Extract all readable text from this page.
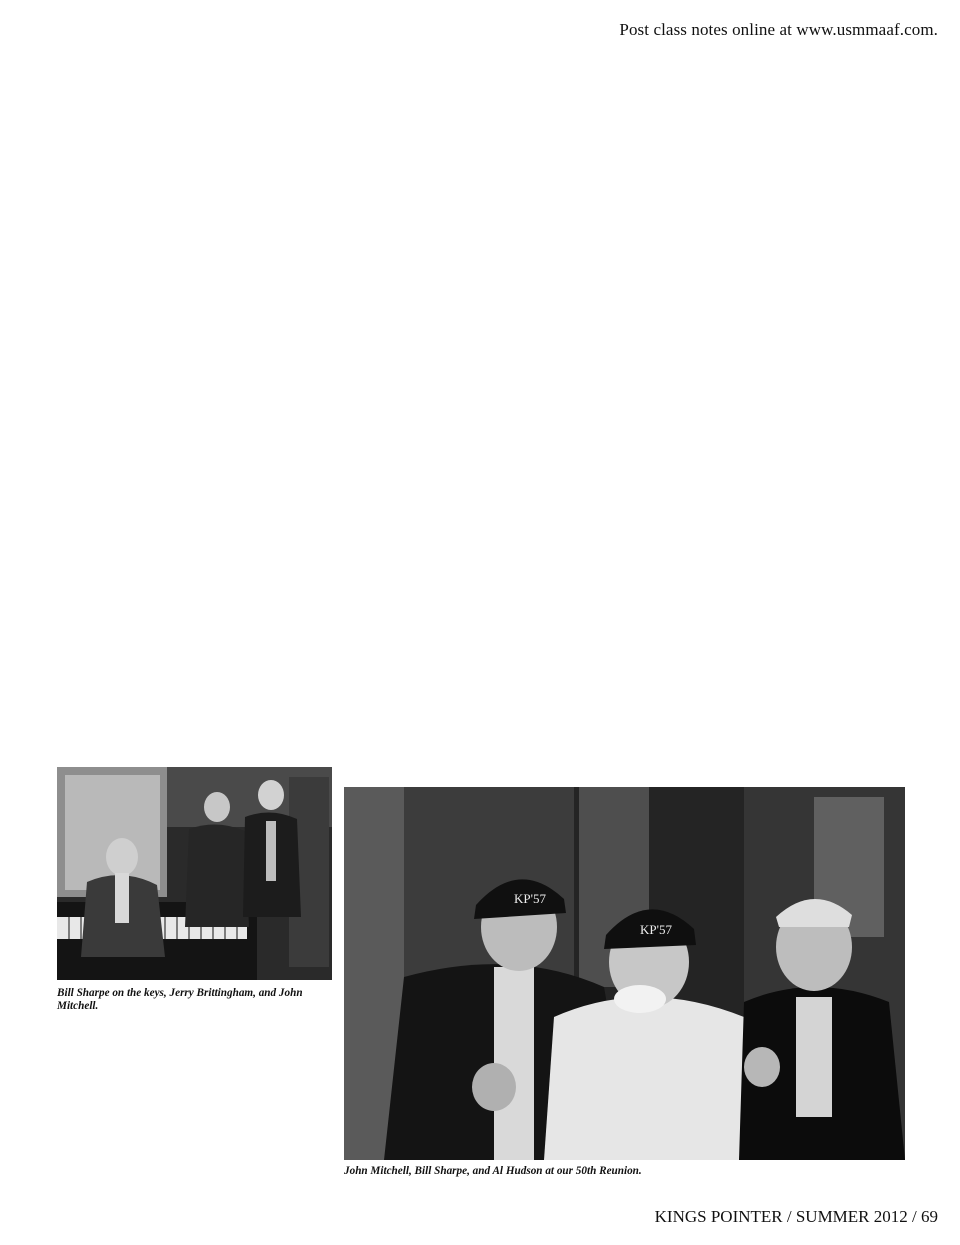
Post class notes online at www.usmmaaf.com.

Bill Sharpe on the keys, Jerry Brittingham, and John Mitchell.

KP'57
KP'57
John Mitchell, Bill Sharpe, and Al Hudson at our 50th Reunion.
KINGS POINTER / SUMMER 2012 / 69
